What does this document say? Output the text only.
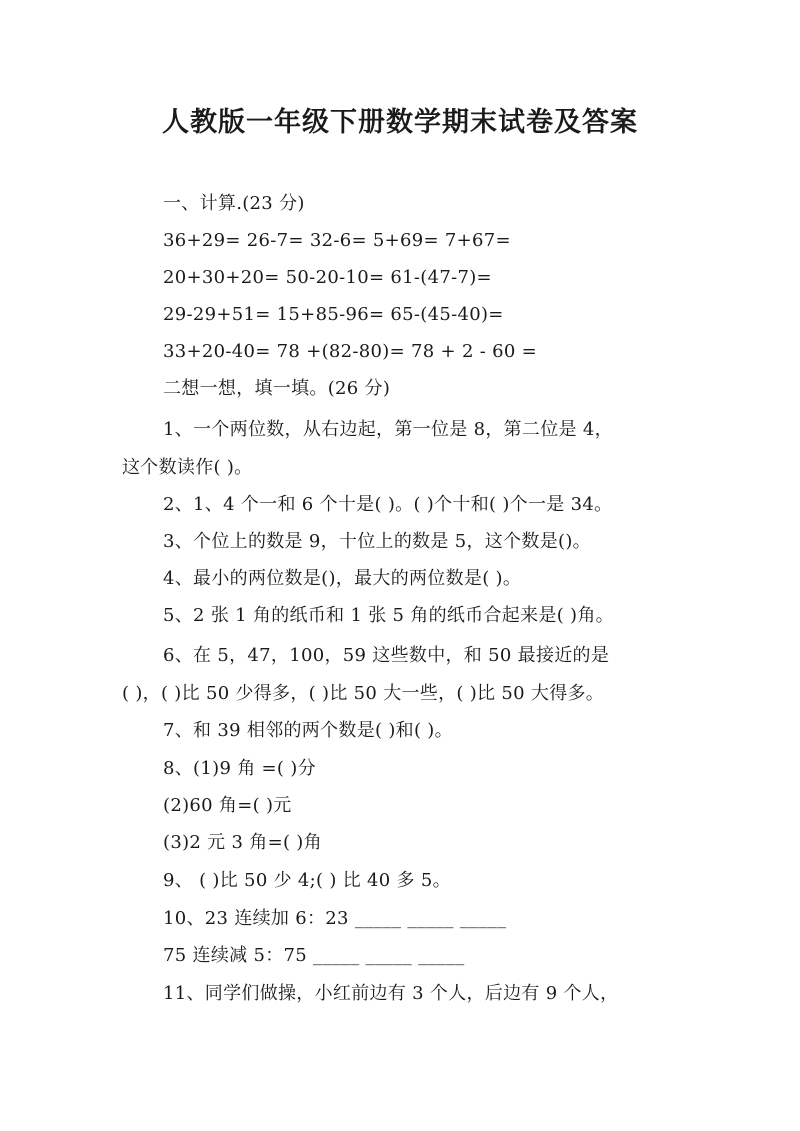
人教版一年级下册数学期末试卷及答案
一、计算.(23 分)
36+29= 26-7= 32-6= 5+69= 7+67=
20+30+20= 50-20-10= 61-(47-7)=
29-29+51= 15+85-96= 65-(45-40)=
33+20-40= 78 +(82-80)= 78 + 2 - 60 =
二想一想，填一填。(26 分)
1、一个两位数，从右边起，第一位是 8，第二位是 4，
这个数读作( )。
2、1、4 个一和 6 个十是( )。( )个十和( )个一是 34。
3、个位上的数是 9，十位上的数是 5，这个数是()。
4、最小的两位数是()，最大的两位数是( )。
5、2 张 1 角的纸币和 1 张 5 角的纸币合起来是( )角。
6、在 5，47，100，59 这些数中，和 50 最接近的是
( )，( )比 50 少得多，( )比 50 大一些，( )比 50 大得多。
7、和 39 相邻的两个数是( )和( )。
8、(1)9 角 =( )分
(2)60 角=( )元
(3)2 元 3 角=( )角
9、 ( )比 50 少 4;( ) 比 40 多 5。
10、23 连续加 6：23 _____ _____ _____
75 连续减 5：75 _____ _____ _____
11、同学们做操，小红前边有 3 个人，后边有 9 个人，
